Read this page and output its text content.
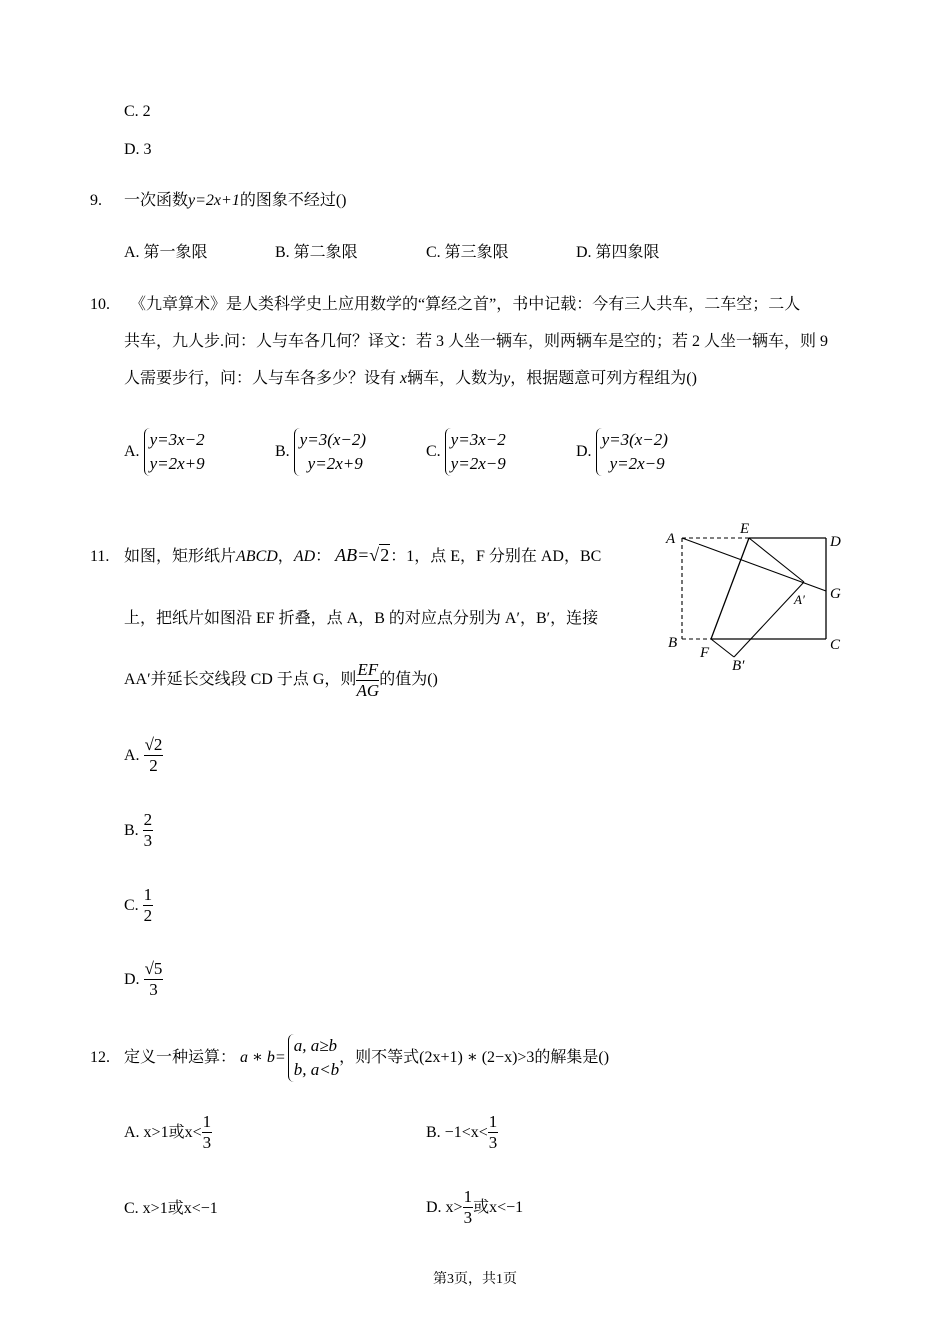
C. 2
D. 3
9. 一次函数y=2x+1的图象不经过()
A. 第一象限	B. 第二象限	C. 第三象限	D. 第四象限
10. 《九章算术》是人类科学史上应用数学的“算经之首”，书中记载：今有三人共车，二车空；二人
共车，九人步.问：人与车各几何？译文：若 3 人坐一辆车，则两辆车是空的；若 2 人坐一辆车，则 9
人需要步行，问：人与车各多少？设有 x辆车，人数为y，根据题意可列方程组为()
A.
y=3x−2
y=2x+9
B.
y=3(x−2)
y=2x+9
C.
y=3x−2
y=2x−9
D.
y=3(x−2)
y=2x−9
11. 如图，矩形纸片ABCD，AD： AB=√2：1，点 E，F 分别在 AD，BC
上，把纸片如图沿 EF 折叠，点 A，B 的对应点分别为 A′，B′，连接
AA′并延长交线段 CD 于点 G，则 $\frac{EF}{AG}$ 的值为()
A
E
D
G
A′
B
F
B′
C
A. $\frac{√2}{2}$
B. $\frac{2}{3}$
C. $\frac{1}{2}$
D. $\frac{√5}{3}$
12. 定义一种运算： a ∗ b=
a, a≥b
b, a<b
，则不等式(2x+1) ∗ (2−x)>3的解集是()
A. x>1或$x< \frac{1}{3}$	B. $-1<x< \frac{1}{3}$
C. x>1或x<−1	D. $x> \frac{1}{3}$ 或x<−1
第3页，共1页
